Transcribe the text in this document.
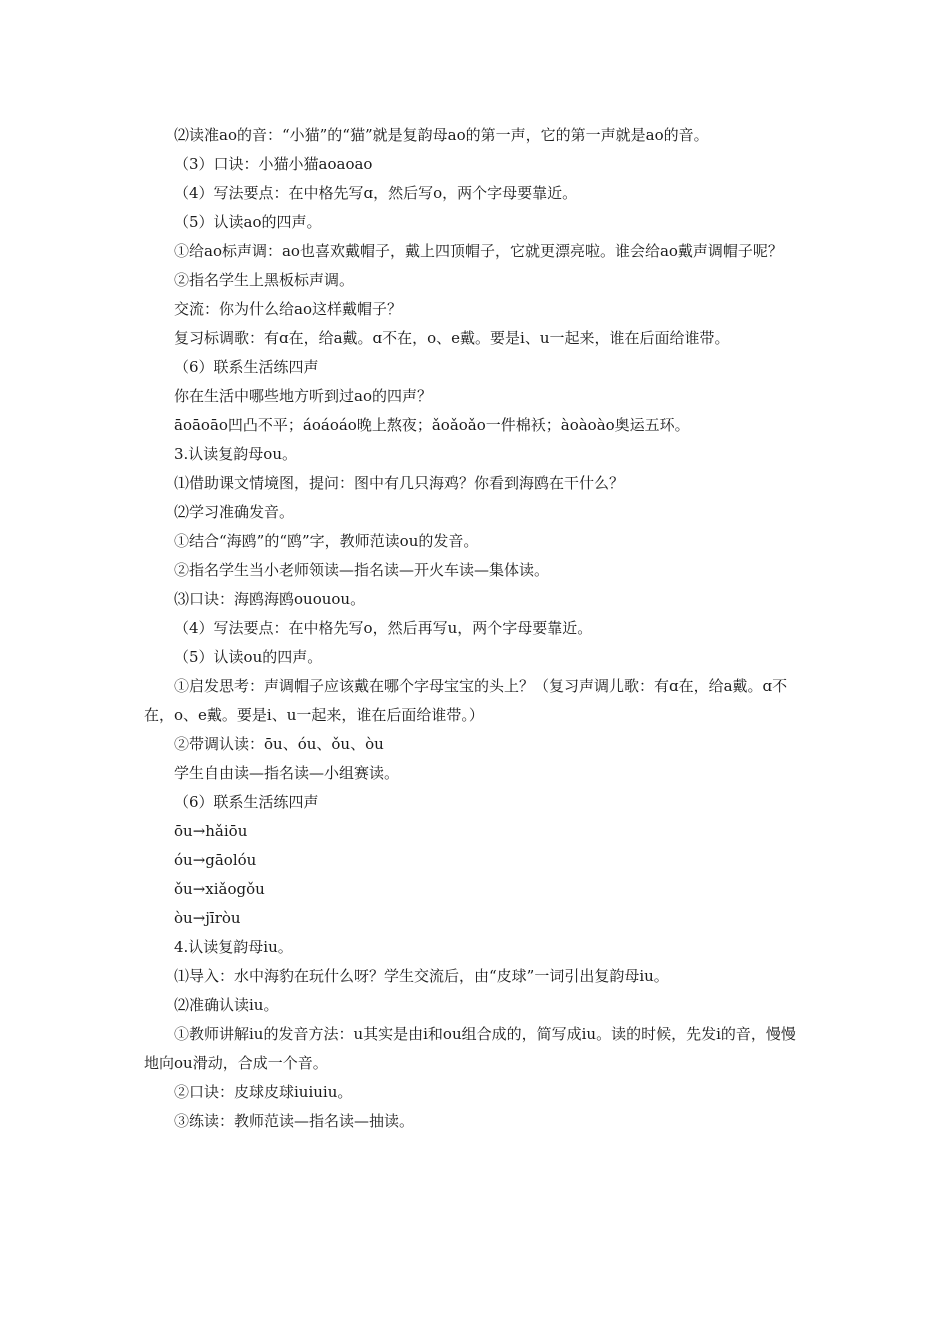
⑵读准ao的音：“小猫”的“猫”就是复韵母ao的第一声，它的第一声就是ao的音。

（3）口诀：小猫小猫aoaoao

（4）写法要点：在中格先写ɑ，然后写o，两个字母要靠近。

（5）认读ao的四声。

①给ao标声调：ao也喜欢戴帽子，戴上四顶帽子，它就更漂亮啦。谁会给ao戴声调帽子呢？

②指名学生上黑板标声调。

交流：你为什么给ao这样戴帽子？

复习标调歌：有ɑ在，给a戴。ɑ不在，o、e戴。要是i、u一起来，谁在后面给谁带。

（6）联系生活练四声

你在生活中哪些地方听到过ao的四声？

āoāoāo凹凸不平；áoáoáo晚上熬夜；ǎoǎoǎo一件棉袄；àoàoào奥运五环。

3.认读复韵母ou。

⑴借助课文情境图，提问：图中有几只海鸡？你看到海鸥在干什么？

⑵学习准确发音。

①结合“海鸥”的“鸥”字，教师范读ou的发音。

②指名学生当小老师领读—指名读—开火车读—集体读。

⑶口诀：海鸥海鸥ououou。

（4）写法要点：在中格先写o，然后再写u，两个字母要靠近。

（5）认读ou的四声。

①启发思考：声调帽子应该戴在哪个字母宝宝的头上？（复习声调儿歌：有ɑ在，给a戴。ɑ不在，o、e戴。要是i、u一起来，谁在后面给谁带。）

②带调认读：ōu、óu、ǒu、òu

学生自由读—指名读—小组赛读。

（6）联系生活练四声

ōu→hǎiōu

óu→gāolóu

ǒu→xiǎogǒu

òu→jīròu

4.认读复韵母iu。

⑴导入：水中海豹在玩什么呀？学生交流后，由“皮球”一词引出复韵母iu。

⑵准确认读iu。

①教师讲解iu的发音方法：u其实是由i和ou组合成的，简写成iu。读的时候，先发i的音，慢慢地向ou滑动，合成一个音。

②口诀：皮球皮球iuiuiu。

③练读：教师范读—指名读—抽读。
